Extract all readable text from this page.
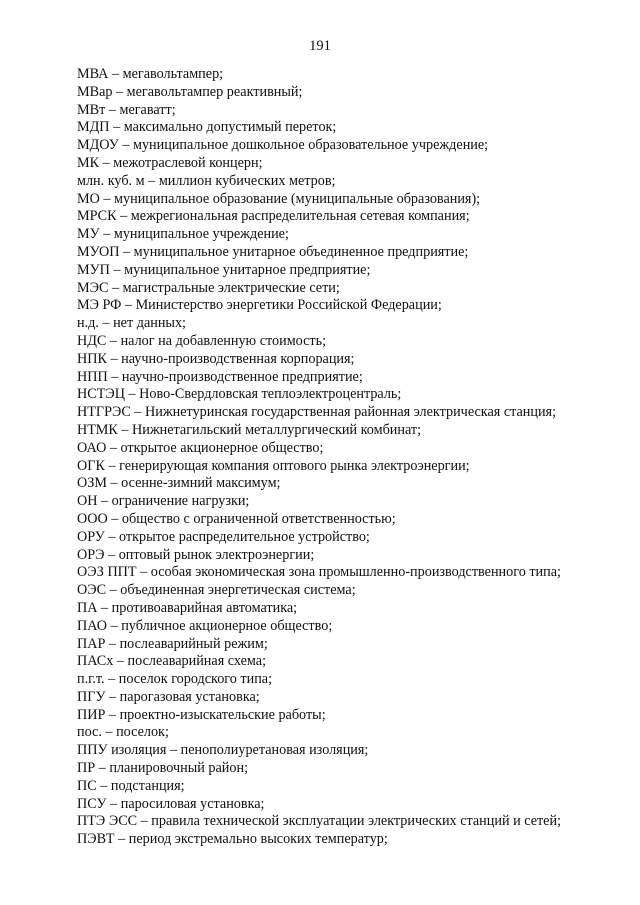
191
МВА – мегавольтампер;
МВар – мегавольтампер реактивный;
МВт – мегаватт;
МДП – максимально допустимый переток;
МДОУ – муниципальное дошкольное образовательное учреждение;
МК – межотраслевой концерн;
млн. куб. м – миллион кубических метров;
МО – муниципальное образование (муниципальные образования);
МРСК – межрегиональная распределительная сетевая компания;
МУ – муниципальное учреждение;
МУОП – муниципальное унитарное объединенное предприятие;
МУП – муниципальное унитарное предприятие;
МЭС – магистральные электрические сети;
МЭ РФ – Министерство энергетики Российской Федерации;
н.д. – нет данных;
НДС – налог на добавленную стоимость;
НПК – научно-производственная корпорация;
НПП – научно-производственное предприятие;
НСТЭЦ – Ново-Свердловская теплоэлектроцентраль;
НТГРЭС – Нижнетуринская государственная районная электрическая станция;
НТМК – Нижнетагильский металлургический комбинат;
ОАО – открытое акционерное общество;
ОГК – генерирующая компания оптового рынка электроэнергии;
ОЗМ – осенне-зимний максимум;
ОН – ограничение нагрузки;
ООО – общество с ограниченной ответственностью;
ОРУ – открытое распределительное устройство;
ОРЭ – оптовый рынок электроэнергии;
ОЭЗ ППТ – особая экономическая зона промышленно-производственного типа;
ОЭС – объединенная энергетическая система;
ПА – противоаварийная автоматика;
ПАО – публичное акционерное общество;
ПАР – послеаварийный режим;
ПАСх – послеаварийная схема;
п.г.т. – поселок городского типа;
ПГУ – парогазовая установка;
ПИР – проектно-изыскательские работы;
пос. – поселок;
ППУ изоляция – пенополиуретановая изоляция;
ПР – планировочный район;
ПС – подстанция;
ПСУ – паросиловая установка;
ПТЭ ЭСС – правила технической эксплуатации электрических станций и сетей;
ПЭВТ – период экстремально высоких температур;
